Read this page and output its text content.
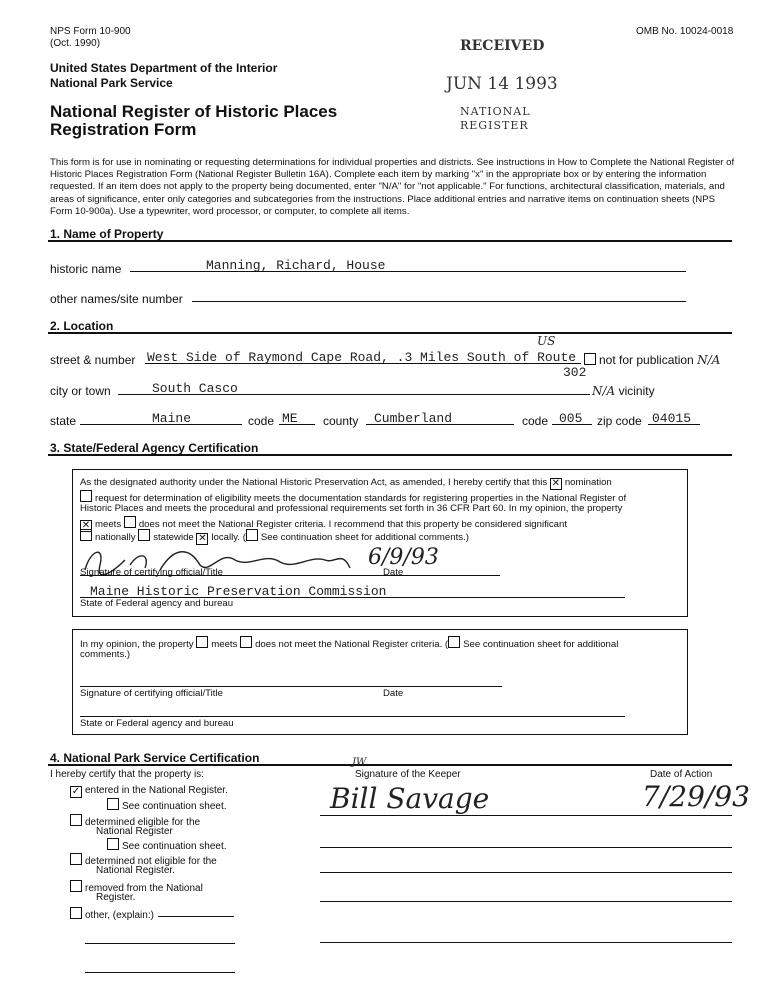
NPS Form 10-900
(Oct. 1990)
OMB No. 10024-0018
United States Department of the Interior
National Park Service
National Register of Historic Places
Registration Form
RECEIVED
JUN 14 1993
NATIONAL
REGISTER
This form is for use in nominating or requesting determinations for individual properties and districts. See instructions in How to Complete the National Register of Historic Places Registration Form (National Register Bulletin 16A). Complete each item by marking "x" in the appropriate box or by entering the information requested. If an item does not apply to the property being documented, enter "N/A" for "not applicable." For functions, architectural classification, materials, and areas of significance, enter only categories and subcategories from the instructions. Place additional entries and narrative items on continuation sheets (NPS Form 10-900a). Use a typewriter, word processor, or computer, to complete all items.
1. Name of Property
historic name	Manning, Richard, House
other names/site number
2. Location
US
street & number West Side of Raymond Cape Road, .3 Miles South of Route	not for publication N/A
302
city or town	South Casco	N/A vicinity
state	Maine	code ME county Cumberland	code 005 zip code 04015
3. State/Federal Agency Certification
As the designated authority under the National Historic Preservation Act, as amended, I hereby certify that this ✕ nomination
request for determination of eligibility meets the documentation standards for registering properties in the National Register of
Historic Places and meets the procedural and professional requirements set forth in 36 CFR Part 60. In my opinion, the property
✕ meets does not meet the National Register criteria. I recommend that this property be considered significant
nationally statewide ✕ locally. ( See continuation sheet for additional comments.)
6/9/93
Signature of certifying official/Title	Date
Maine Historic Preservation Commission
State of Federal agency and bureau
In my opinion, the property meets does not meet the National Register criteria. ( See continuation sheet for additional
comments.)
Signature of certifying official/Title	Date
State or Federal agency and bureau
4. National Park Service Certification
I hereby certify that the property is:
JW
Signature of the Keeper	Date of Action
Bill Savage	7/29/93
✓ entered in the National Register.
See continuation sheet.
determined eligible for the
National Register
See continuation sheet.
determined not eligible for the
National Register.
removed from the National
Register.
other, (explain:)
